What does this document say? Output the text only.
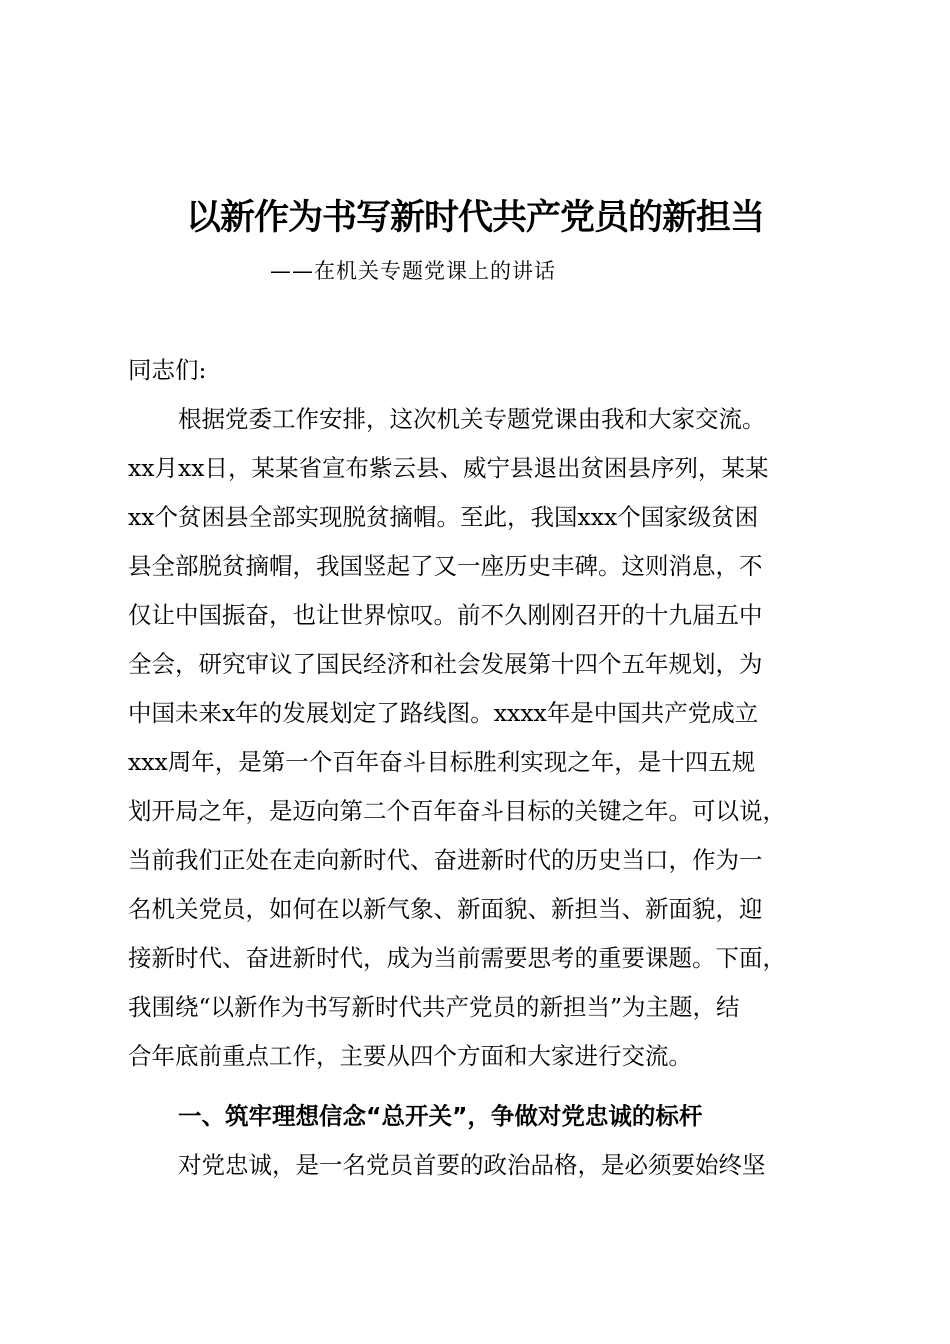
以新作为书写新时代共产党员的新担当
——在机关专题党课上的讲话
同志们:
根据党委工作安排，这次机关专题党课由我和大家交流。
xx月xx日，某某省宣布紫云县、威宁县退出贫困县序列，某某
xx个贫困县全部实现脱贫摘帽。至此，我国xxx个国家级贫困
县全部脱贫摘帽，我国竖起了又一座历史丰碑。这则消息，不
仅让中国振奋，也让世界惊叹。前不久刚刚召开的十九届五中
全会，研究审议了国民经济和社会发展第十四个五年规划，为
中国未来x年的发展划定了路线图。xxxx年是中国共产党成立
xxx周年，是第一个百年奋斗目标胜利实现之年，是十四五规
划开局之年，是迈向第二个百年奋斗目标的关键之年。可以说，
当前我们正处在走向新时代、奋进新时代的历史当口，作为一
名机关党员，如何在以新气象、新面貌、新担当、新面貌，迎
接新时代、奋进新时代，成为当前需要思考的重要课题。下面，
我围绕“以新作为书写新时代共产党员的新担当”为主题，结
合年底前重点工作，主要从四个方面和大家进行交流。
一、筑牢理想信念“总开关”，争做对党忠诚的标杆
对党忠诚，是一名党员首要的政治品格，是必须要始终坚
